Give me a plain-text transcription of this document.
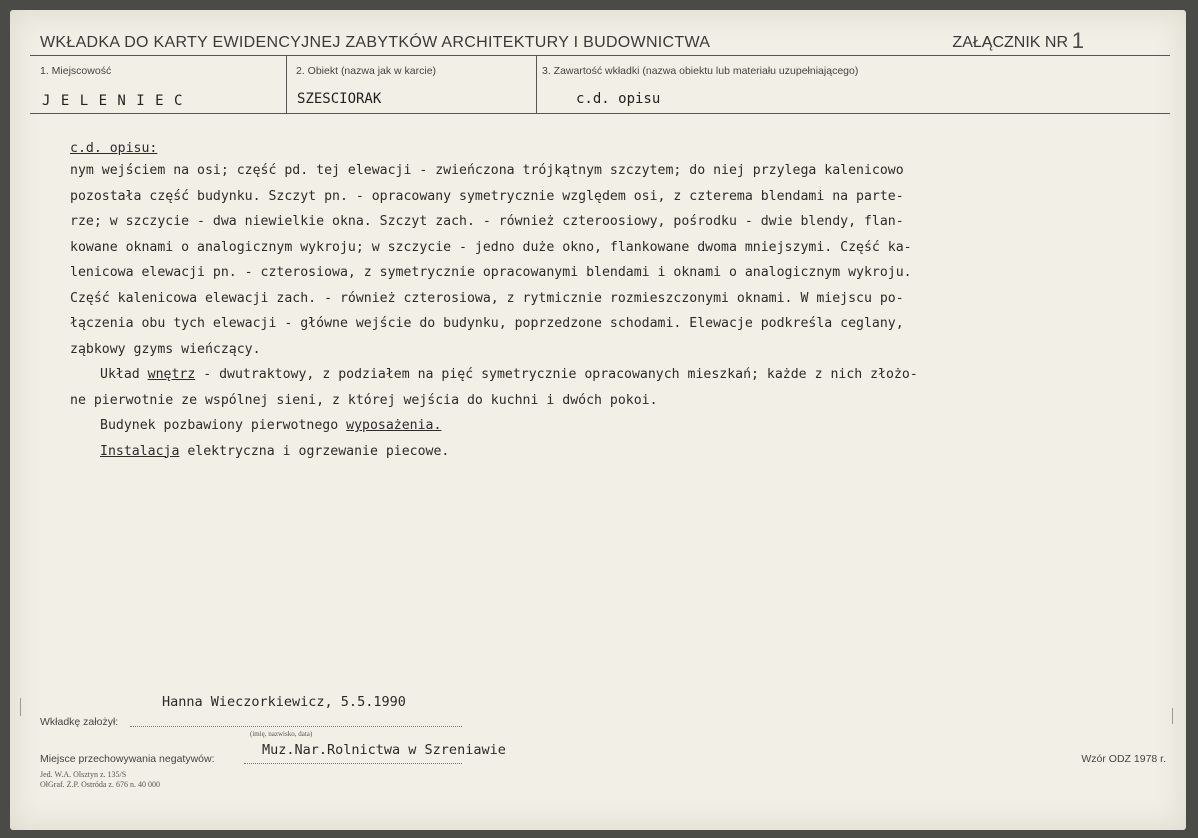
WKŁADKA DO KARTY EWIDENCYJNEJ ZABYTKÓW ARCHITEKTURY I BUDOWNICTWA	ZAŁĄCZNIK NR 1
1. Miejscowość	2. Obiekt (nazwa jak w karcie)	3. Zawartość wkładki (nazwa obiektu lub materiału uzupełniającego)
J E L E N I E C	SZESCIORAK	c.d. opisu
c.d. opisu:
nym wejściem na osi; część pd. tej elewacji - zwieńczona trójkątnym szczytem; do niej przylega kalenicowo
pozostała część budynku. Szczyt pn. - opracowany symetrycznie względem osi, z czterema blendami na parte-
rze; w szczycie - dwa niewielkie okna. Szczyt zach. - również czteroosiowy, pośrodku - dwie blendy, flan-
kowane oknami o analogicznym wykroju; w szczycie - jedno duże okno, flankowane dwoma mniejszymi. Część ka-
lenicowa elewacji pn. - czterosiowa, z symetrycznie opracowanymi blendami i oknami o analogicznym wykroju.
Część kalenicowa elewacji zach. - również czterosiowa, z rytmicznie rozmieszczonymi oknami. W miejscu po-
łączenia obu tych elewacji - główne wejście do budynku, poprzedzone schodami. Elewacje podkreśla ceglany,
ząbkowy gzyms wieńczący.
Układ wnętrz - dwutraktowy, z podziałem na pięć symetrycznie opracowanych mieszkań; każde z nich złożo-
ne pierwotnie ze wspólnej sieni, z której wejścia do kuchni i dwóch pokoi.
Budynek pozbawiony pierwotnego wyposażenia.
Instalacja elektryczna i ogrzewanie piecowe.
Hanna Wieczorkiewicz, 5.5.1990
Wkładkę założył:
(imię, nazwisko, data)
Muz.Nar.Rolnictwa w Szreniawie
Miejsce przechowywania negatywów:	Wzór ODZ 1978 r.
Jed. W.A. Olsztyn z. 135/S
OłGraf. Z.P. Ostróda z. 676 n. 40 000
